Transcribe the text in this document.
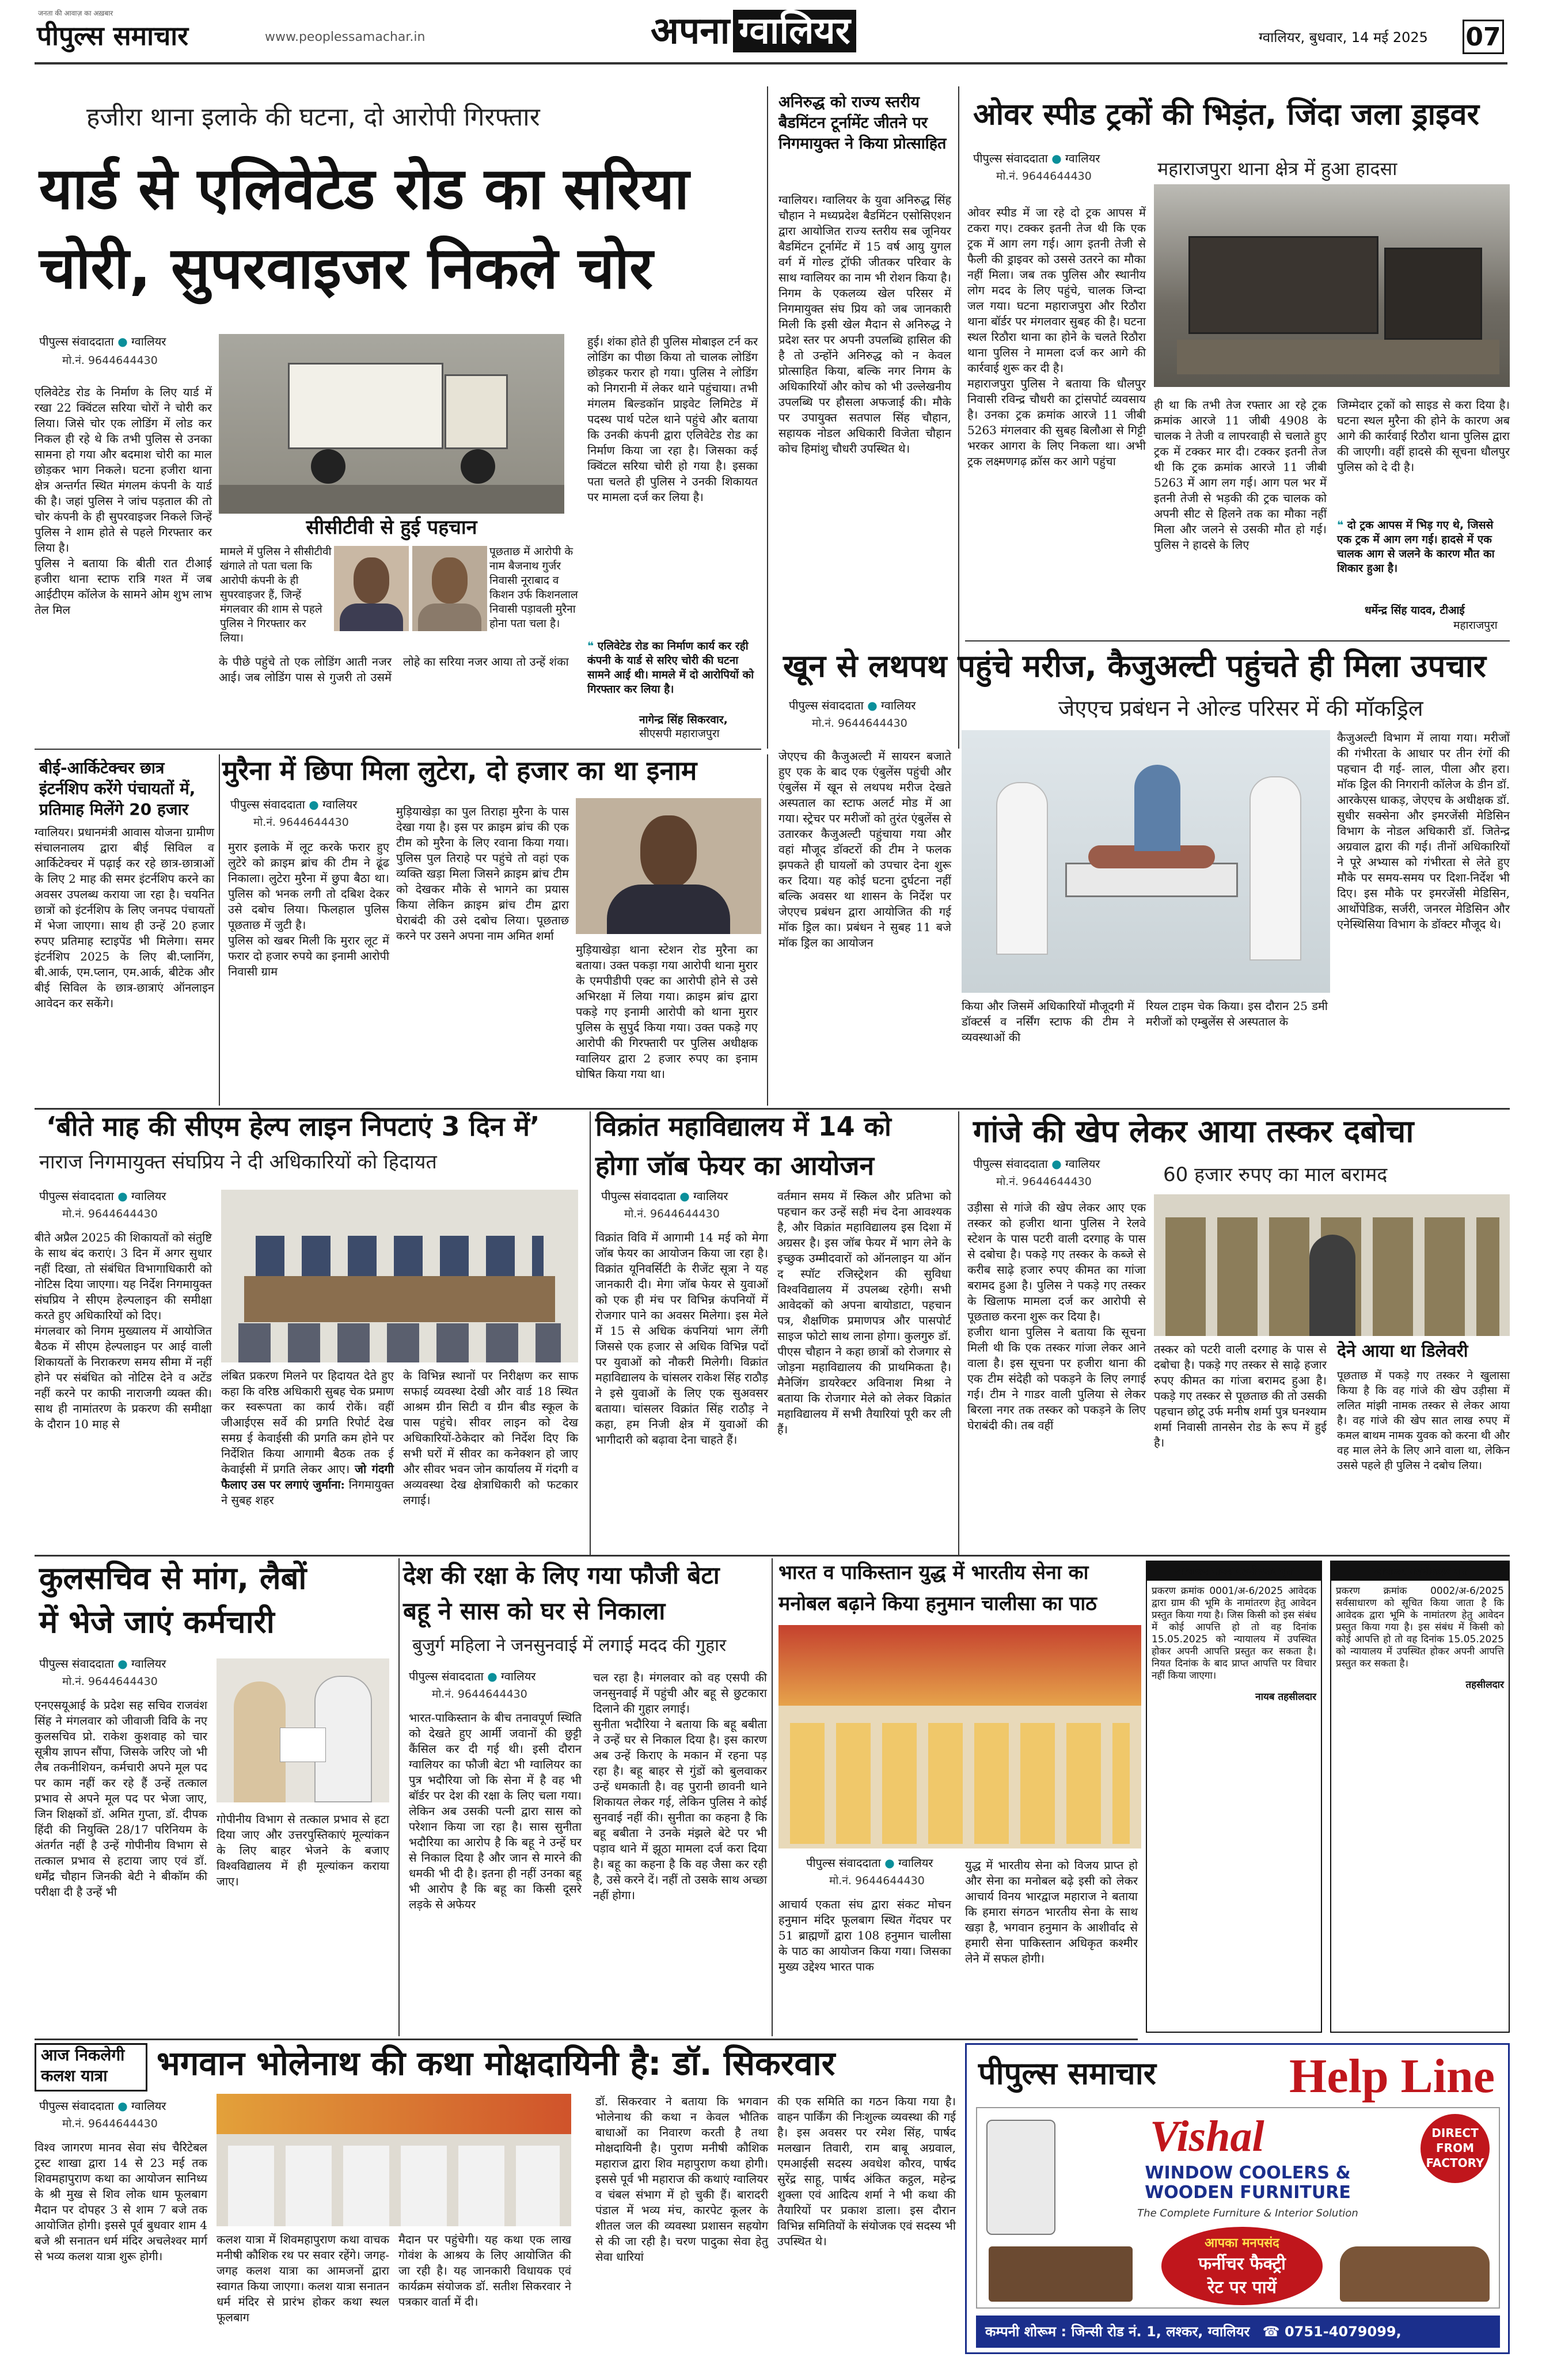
जनता की आवाज़ का अख़बार
पीपुल्स समाचार	www.peoplessamachar.in	अपना ग्वालियर	ग्वालियर, बुधवार, 14 मई 2025 07
हजीरा थाना इलाके की घटना, दो आरोपी गिरफ्तार
यार्ड से एलिवेटेड रोड का सरिया
चोरी, सुपरवाइजर निकले चोर
पीपुल्स संवाददाता ● ग्वालियर
मो.नं. 9644644430
एलिवेटेड रोड के निर्माण के लिए यार्ड में रखा 22 क्विंटल सरिया चोरों ने चोरी कर लिया। जिसे चोर एक लोडिंग में लोड कर निकल ही रहे थे कि तभी पुलिस से उनका सामना हो गया और बदमाश चोरी का माल छोड़कर भाग निकले। घटना हजीरा थाना क्षेत्र अन्तर्गत स्थित मंगलम कंपनी के यार्ड की है। जहां पुलिस ने जांच पड़ताल की तो चोर कंपनी के ही सुपरवाइजर निकले जिन्हें पुलिस ने शाम होते से पहले गिरफ्तार कर लिया है।
पुलिस ने बताया कि बीती रात टीआई हजीरा थाना स्टाफ रात्रि गश्त में जब आईटीएम कॉलेज के सामने ओम शुभ लाभ तेल मिल
सीसीटीवी से हुई पहचान
मामले में पुलिस ने सीसीटीवी खंगाले तो पता चला कि आरोपी कंपनी के ही सुपरवाइजर हैं, जिन्हें मंगलवार की शाम से पहले पुलिस ने गिरफ्तार कर लिया।
पूछताछ में आरोपी के नाम बैजनाथ गुर्जर निवासी नूराबाद व किशन उर्फ किशनलाल निवासी पड़ावली मुरैना होना पता चला है।
के पीछे पहुंचे तो एक लोडिंग आती नजर आई। जब लोडिंग पास से गुजरी तो उसमें लोहे का सरिया नजर आया तो उन्हें शंका
हुई। शंका होते ही पुलिस मोबाइल टर्न कर लोडिंग का पीछा किया तो चालक लोडिंग छोड़कर फरार हो गया। पुलिस ने लोडिंग को निगरानी में लेकर थाने पहुंचाया। तभी मंगलम बिल्डकॉन प्राइवेट लिमिटेड में पदस्थ पार्थ पटेल थाने पहुंचे और बताया कि उनकी कंपनी द्वारा एलिवेटेड रोड का निर्माण किया जा रहा है। जिसका कई क्विंटल सरिया चोरी हो गया है। इसका पता चलते ही पुलिस ने उनकी शिकायत पर मामला दर्ज कर लिया है।
❝ एलिवेटेड रोड का निर्माण कार्य कर रही कंपनी के यार्ड से सरिए चोरी की घटना सामने आई थी। मामले में दो आरोपियों को गिरफ्तार कर लिया है।
नागेन्द्र सिंह सिकरवार,
सीएसपी महाराजपुरा
अनिरुद्ध को राज्य स्तरीय बैडमिंटन टूर्नामेंट जीतने पर निगमायुक्त ने किया प्रोत्साहित
ग्वालियर। ग्वालियर के युवा अनिरुद्ध सिंह चौहान ने मध्यप्रदेश बैडमिंटन एसोसिएशन द्वारा आयोजित राज्य स्तरीय सब जूनियर बैडमिंटन टूर्नामेंट में 15 वर्ष आयु युगल वर्ग में गोल्ड ट्रॉफी जीतकर परिवार के साथ ग्वालियर का नाम भी रोशन किया है। निगम के एकलव्य खेल परिसर में निगमायुक्त संघ प्रिय को जब जानकारी मिली कि इसी खेल मैदान से अनिरुद्ध ने प्रदेश स्तर पर अपनी उपलब्धि हासिल की है तो उन्होंने अनिरुद्ध को न केवल प्रोत्साहित किया, बल्कि नगर निगम के अधिकारियों और कोच को भी उल्लेखनीय उपलब्धि पर हौसला अफजाई की। मौके पर उपायुक्त सतपाल सिंह चौहान, सहायक नोडल अधिकारी विजेता चौहान कोच हिमांशु चौधरी उपस्थित थे।
ओवर स्पीड ट्रकों की भिड़ंत, जिंदा जला ड्राइवर
पीपुल्स संवाददाता ● ग्वालियर
मो.नं. 9644644430	महाराजपुरा थाना क्षेत्र में हुआ हादसा
ओवर स्पीड में जा रहे दो ट्रक आपस में टकरा गए। टक्कर इतनी तेज थी कि एक ट्रक में आग लग गई। आग इतनी तेजी से फैली की ड्राइवर को उससे उतरने का मौका नहीं मिला। जब तक पुलिस और स्थानीय लोग मदद के लिए पहुंचे, चालक जिन्दा जल गया। घटना महाराजपुरा और रिठौरा थाना बॉर्डर पर मंगलवार सुबह की है। घटना स्थल रिठौरा थाना का होने के चलते रिठौरा थाना पुलिस ने मामला दर्ज कर आगे की कार्रवाई शुरू कर दी है।
महाराजपुरा पुलिस ने बताया कि धौलपुर निवासी रविन्द्र चौधरी का ट्रांसपोर्ट व्यवसाय है। उनका ट्रक क्रमांक आरजे 11 जीबी 5263 मंगलवार की सुबह बिलौआ से गिट्टी भरकर आगरा के लिए निकला था। अभी ट्रक लक्ष्मणगढ़ क्रॉस कर आगे पहुंचा
ही था कि तभी तेज रफ्तार आ रहे ट्रक क्रमांक आरजे 11 जीबी 4908 के चालक ने तेजी व लापरवाही से चलाते हुए ट्रक में टक्कर मार दी। टक्कर इतनी तेज थी कि ट्रक क्रमांक आरजे 11 जीबी 5263 में आग लग गई। आग पल भर में इतनी तेजी से भड़की की ट्रक चालक को अपनी सीट से हिलने तक का मौका नहीं मिला और जलने से उसकी मौत हो गई। पुलिस ने हादसे के लिए
जिम्मेदार ट्रकों को साइड से करा दिया है। घटना स्थल मुरैना की होने के कारण अब आगे की कार्रवाई रिठौरा थाना पुलिस द्वारा की जाएगी। वहीं हादसे की सूचना धौलपुर पुलिस को दे दी है।
❝ दो ट्रक आपस में भिड़ गए थे, जिससे एक ट्रक में आग लग गई। हादसे में एक चालक आग से जलने के कारण मौत का शिकार हुआ है।
धर्मेन्द्र सिंह यादव, टीआई
महाराजपुरा
बीई-आर्किटेक्चर छात्र
इंटर्नशिप करेंगे पंचायतों में,
प्रतिमाह मिलेंगे 20 हजार
ग्वालियर। प्रधानमंत्री आवास योजना ग्रामीण संचालनालय द्वारा बीई सिविल व आर्किटेक्चर में पढ़ाई कर रहे छात्र-छात्राओं के लिए 2 माह की समर इंटर्नशिप करने का अवसर उपलब्ध कराया जा रहा है। चयनित छात्रों को इंटर्नशिप के लिए जनपद पंचायतों में भेजा जाएगा। साथ ही उन्हें 20 हजार रुपए प्रतिमाह स्टाइपेंड भी मिलेगा। समर इंटर्नशिप 2025 के लिए बी.प्लानिंग, बी.आर्क, एम.प्लान, एम.आर्क, बीटेक और बीई सिविल के छात्र-छात्राएं ऑनलाइन आवेदन कर सकेंगे।
मुरैना में छिपा मिला लुटेरा, दो हजार का था इनाम
पीपुल्स संवाददाता ● ग्वालियर
मो.नं. 9644644430
मुरार इलाके में लूट करके फरार हुए लुटेरे को क्राइम ब्रांच की टीम ने ढूंढ निकाला। लुटेरा मुरैना में छुपा बैठा था। पुलिस को भनक लगी तो दबिश देकर उसे दबोच लिया। फिलहाल पुलिस पूछताछ में जुटी है।
पुलिस को खबर मिली कि मुरार लूट में फरार दो हजार रुपये का इनामी आरोपी निवासी ग्राम
मुड़ियाखेड़ा का पुल तिराहा मुरैना के पास देखा गया है। इस पर क्राइम ब्रांच की एक टीम को मुरैना के लिए रवाना किया गया। पुलिस पुल तिराहे पर पहुंचे तो वहां एक व्यक्ति खड़ा मिला जिसने क्राइम ब्रांच टीम को देखकर मौके से भागने का प्रयास किया लेकिन क्राइम ब्रांच टीम द्वारा घेराबंदी की उसे दबोच लिया। पूछताछ करने पर उसने अपना नाम अमित शर्मा
मुड़ियाखेड़ा थाना स्टेशन रोड मुरैना का बताया। उक्त पकड़ा गया आरोपी थाना मुरार के एमपीडीपी एक्ट का आरोपी होने से उसे अभिरक्षा में लिया गया। क्राइम ब्रांच द्वारा पकड़े गए इनामी आरोपी को थाना मुरार पुलिस के सुपुर्द किया गया। उक्त पकड़े गए आरोपी की गिरफ्तारी पर पुलिस अधीक्षक ग्वालियर द्वारा 2 हजार रुपए का इनाम घोषित किया गया था।
खून से लथपथ पहुंचे मरीज, कैजुअल्टी पहुंचते ही मिला उपचार
पीपुल्स संवाददाता ● ग्वालियर
मो.नं. 9644644430
जेएएच प्रबंधन ने ओल्ड परिसर में की मॉकड्रिल
जेएएच की कैजुअल्टी में सायरन बजाते हुए एक के बाद एक एंबुलेंस पहुंची और एंबुलेंस में खून से लथपथ मरीज देखते अस्पताल का स्टाफ अलर्ट मोड में आ गया। स्ट्रेचर पर मरीजों को तुरंत एंबुलेंस से उतारकर कैजुअल्टी पहुंचाया गया और वहां मौजूद डॉक्टरों की टीम ने फलक झपकते ही घायलों को उपचार देना शुरू कर दिया। यह कोई घटना दुर्घटना नहीं बल्कि अवसर था शासन के निर्देश पर जेएएच प्रबंधन द्वारा आयोजित की गई मॉक ड्रिल का। प्रबंधन ने सुबह 11 बजे मॉक ड्रिल का आयोजन
किया और जिसमें अधिकारियों मौजूदगी में डॉक्टर्स व नर्सिंग स्टाफ की टीम ने व्यवस्थाओं की
रियल टाइम चेक किया। इस दौरान 25 डमी मरीजों को एम्बुलेंस से अस्पताल के
कैजुअल्टी विभाग में लाया गया। मरीजों की गंभीरता के आधार पर तीन रंगों की पहचान दी गई- लाल, पीला और हरा। मॉक ड्रिल की निगरानी कॉलेज के डीन डॉ. आरकेएस धाकड़, जेएएच के अधीक्षक डॉ. सुधीर सक्सेना और इमरजेंसी मेडिसिन विभाग के नोडल अधिकारी डॉ. जितेन्द्र अग्रवाल द्वारा की गई। तीनों अधिकारियों ने पूरे अभ्यास को गंभीरता से लेते हुए मौके पर समय-समय पर दिशा-निर्देश भी दिए। इस मौके पर इमरजेंसी मेडिसिन, आर्थोपेडिक, सर्जरी, जनरल मेडिसिन और एनेस्थिसिया विभाग के डॉक्टर मौजूद थे।
‘बीते माह की सीएम हेल्प लाइन निपटाएं 3 दिन में’
नाराज निगमायुक्त संघप्रिय ने दी अधिकारियों को हिदायत
पीपुल्स संवाददाता ● ग्वालियर
मो.नं. 9644644430
बीते अप्रैल 2025 की शिकायतों को संतुष्टि के साथ बंद कराएं। 3 दिन में अगर सुधार नहीं दिखा, तो संबंधित विभागाधिकारी को नोटिस दिया जाएगा। यह निर्देश निगमायुक्त संघप्रिय ने सीएम हेल्पलाइन की समीक्षा करते हुए अधिकारियों को दिए।
मंगलवार को निगम मुख्यालय में आयोजित बैठक में सीएम हेल्पलाइन पर आई वाली शिकायतों के निराकरण समय सीमा में नहीं होने पर संबंधित को नोटिस देने व अटेंड नहीं करने पर काफी नाराजगी व्यक्त की। साथ ही नामांतरण के प्रकरण की समीक्षा के दौरान 10 माह से
लंबित प्रकरण मिलने पर हिदायत देते हुए कहा कि वरिष्ठ अधिकारी सुबह चेक प्रमाण कर स्वरूपता का कार्य रोकें। वहीं जीआईएस सर्वे की प्रगति रिपोर्ट देख समग्र ई केवाईसी की प्रगति कम होने पर निर्देशित किया आगामी बैठक तक ई केवाईसी में प्रगति लेकर आए। जो गंदगी फैलाए उस पर लगाएं जुर्माना: निगमायुक्त ने सुबह शहर
के विभिन्न स्थानों पर निरीक्षण कर साफ सफाई व्यवस्था देखी और वार्ड 18 स्थित आश्रम ग्रीन सिटी व ग्रीन बीड स्कूल के पास पहुंचे। सीवर लाइन को देख अधिकारियों-ठेकेदार को निर्देश दिए कि सभी घरों में सीवर का कनेक्शन हो जाए और सीवर भवन जोन कार्यालय में गंदगी व अव्यवस्था देख क्षेत्राधिकारी को फटकार लगाई।
विक्रांत महाविद्यालय में 14 को
होगा जॉब फेयर का आयोजन
पीपुल्स संवाददाता ● ग्वालियर
मो.नं. 9644644430
विक्रांत विवि में आगामी 14 मई को मेगा जॉब फेयर का आयोजन किया जा रहा है। विक्रांत यूनिवर्सिटी के रीजेंट सूत्रा ने यह जानकारी दी। मेगा जॉब फेयर से युवाओं को एक ही मंच पर विभिन्न कंपनियों में रोजगार पाने का अवसर मिलेगा। इस मेले में 15 से अधिक कंपनियां भाग लेंगी जिससे एक हजार से अधिक विभिन्न पदों पर युवाओं को नौकरी मिलेगी। विक्रांत महाविद्यालय के चांसलर राकेश सिंह राठौड़ ने इसे युवाओं के लिए एक सुअवसर बताया। चांसलर विक्रांत सिंह राठौड़ ने कहा, हम निजी क्षेत्र में युवाओं की भागीदारी को बढ़ावा देना चाहते हैं।
वर्तमान समय में स्किल और प्रतिभा को पहचान कर उन्हें सही मंच देना आवश्यक है, और विक्रांत महाविद्यालय इस दिशा में अग्रसर है। इस जॉब फेयर में भाग लेने के इच्छुक उम्मीदवारों को ऑनलाइन या ऑन द स्पॉट रजिस्ट्रेशन की सुविधा विश्वविद्यालय में उपलब्ध रहेगी। सभी आवेदकों को अपना बायोडाटा, पहचान पत्र, शैक्षणिक प्रमाणपत्र और पासपोर्ट साइज फोटो साथ लाना होगा। कुलगुरु डॉ. पीएस चौहान ने कहा छात्रों को रोजगार से जोड़ना महाविद्यालय की प्राथमिकता है। मैनेजिंग डायरेक्टर अविनाश मिश्रा ने बताया कि रोजगार मेले को लेकर विक्रांत महाविद्यालय में सभी तैयारियां पूरी कर ली हैं।
गांजे की खेप लेकर आया तस्कर दबोचा
पीपुल्स संवाददाता ● ग्वालियर
मो.नं. 9644644430	60 हजार रुपए का माल बरामद
उड़ीसा से गांजे की खेप लेकर आए एक तस्कर को हजीरा थाना पुलिस ने रेलवे स्टेशन के पास पटरी वाली दरगाह के पास से दबोचा है। पकड़े गए तस्कर के कब्जे से करीब साढ़े हजार रुपए कीमत का गांजा बरामद हुआ है। पुलिस ने पकड़े गए तस्कर के खिलाफ मामला दर्ज कर आरोपी से पूछताछ करना शुरू कर दिया है।
हजीरा थाना पुलिस ने बताया कि सूचना मिली थी कि एक तस्कर गांजा लेकर आने वाला है। इस सूचना पर हजीरा थाना की एक टीम संदेही को पकड़ने के लिए लगाई गई। टीम ने गाडर वाली पुलिया से लेकर बिरला नगर तक तस्कर को पकड़ने के लिए घेराबंदी की। तब वहीं
तस्कर को पटरी वाली दरगाह के पास से दबोचा है। पकड़े गए तस्कर से साढ़े हजार रुपए कीमत का गांजा बरामद हुआ है। पकड़े गए तस्कर से पूछताछ की तो उसकी पहचान छोटू उर्फ मनीष शर्मा पुत्र घनश्याम शर्मा निवासी तानसेन रोड के रूप में हुई है।
देने आया था डिलेवरी
पूछताछ में पकड़े गए तस्कर ने खुलासा किया है कि वह गांजे की खेप उड़ीसा में ललित मांझी नामक तस्कर से लेकर आया है। वह गांजे की खेप सात लाख रुपए में कमल बाथम नामक युवक को करना थी और वह माल लेने के लिए आने वाला था, लेकिन उससे पहले ही पुलिस ने दबोच लिया।
कुलसचिव से मांग, लैबों
में भेजे जाएं कर्मचारी
पीपुल्स संवाददाता ● ग्वालियर
मो.नं. 9644644430
एनएसयूआई के प्रदेश सह सचिव राजवंश सिंह ने मंगलवार को जीवाजी विवि के नए कुलसचिव प्रो. राकेश कुशवाह को चार सूत्रीय ज्ञापन सौंपा, जिसके जरिए जो भी लैब तकनीशियन, कर्मचारी अपने मूल पद पर काम नहीं कर रहे हैं उन्हें तत्काल प्रभाव से अपने मूल पद पर भेजा जाए, जिन शिक्षकों डॉ. अमित गुप्ता, डॉ. दीपक हिंदी की नियुक्ति 28/17 परिनियम के अंतर्गत नहीं है उन्हें गोपीनीय विभाग से तत्काल प्रभाव से हटाया जाए एवं डॉ. धर्मेंद्र चौहान जिनकी बेटी ने बीकॉम की परीक्षा दी है उन्हें भी
गोपीनीय विभाग से तत्काल प्रभाव से हटा दिया जाए और उत्तरपुस्तिकाएं मूल्यांकन के लिए बाहर भेजने के बजाए विश्वविद्यालय में ही मूल्यांकन कराया जाए।
देश की रक्षा के लिए गया फौजी बेटा
बहू ने सास को घर से निकाला
बुजुर्ग महिला ने जनसुनवाई में लगाई मदद की गुहार
पीपुल्स संवाददाता ● ग्वालियर
मो.नं. 9644644430
भारत-पाकिस्तान के बीच तनावपूर्ण स्थिति को देखते हुए आर्मी जवानों की छुट्टी कैंसिल कर दी गई थी। इसी दौरान ग्वालियर का फौजी बेटा भी ग्वालियर का पुत्र भदौरिया जो कि सेना में है वह भी बॉर्डर पर देश की रक्षा के लिए चला गया। लेकिन अब उसकी पत्नी द्वारा सास को परेशान किया जा रहा है। सास सुनीता भदौरिया का आरोप है कि बहू ने उन्हें घर से निकाल दिया है और जान से मारने की धमकी भी दी है। इतना ही नहीं उनका बहू भी आरोप है कि बहू का किसी दूसरे लड़के से अफेयर
चल रहा है। मंगलवार को वह एसपी की जनसुनवाई में पहुंची और बहू से छुटकारा दिलाने की गुहार लगाई।
सुनीता भदौरिया ने बताया कि बहू बबीता ने उन्हें घर से निकाल दिया है। इस कारण अब उन्हें किराए के मकान में रहना पड़ रहा है। बहू बाहर से गुंडों को बुलवाकर उन्हें धमकाती है। वह पुरानी छावनी थाने शिकायत लेकर गई, लेकिन पुलिस ने कोई सुनवाई नहीं की। सुनीता का कहना है कि बहू बबीता ने उनके मंझले बेटे पर भी पड़ाव थाने में झूठा मामला दर्ज करा दिया है। बहू का कहना है कि वह जैसा कर रही है, उसे करने दें। नहीं तो उसके साथ अच्छा नहीं होगा।
भारत व पाकिस्तान युद्ध में भारतीय सेना का
मनोबल बढ़ाने किया हनुमान चालीसा का पाठ
पीपुल्स संवाददाता ● ग्वालियर
मो.नं. 9644644430
आचार्य एकता संघ द्वारा संकट मोचन हनुमान मंदिर फूलबाग स्थित गेंदघर पर 51 ब्राह्मणों द्वारा 108 हनुमान चालीसा के पाठ का आयोजन किया गया। जिसका मुख्य उद्देश्य भारत पाक
युद्ध में भारतीय सेना को विजय प्राप्त हो और सेना का मनोबल बढ़े इसी को लेकर आचार्य विनय भारद्वाज महाराज ने बताया कि हमारा संगठन भारतीय सेना के साथ खड़ा है, भगवान हनुमान के आशीर्वाद से हमारी सेना पाकिस्तान अधिकृत कश्मीर लेने में सफल होगी।
न्यायालय नायब तहसीलदार वृत्त
प्रकरण क्रमांक 0001/अ-6/2025 आवेदक द्वारा ग्राम की भूमि के नामांतरण हेतु आवेदन प्रस्तुत किया गया है। जिस किसी को इस संबंध में कोई आपत्ति हो तो वह दिनांक 15.05.2025 को न्यायालय में उपस्थित होकर अपनी आपत्ति प्रस्तुत कर सकता है। नियत दिनांक के बाद प्राप्त आपत्ति पर विचार नहीं किया जाएगा।
नायब तहसीलदार
न्यायालय तहसीलदार वृत्त
प्रकरण क्रमांक 0002/अ-6/2025 सर्वसाधारण को सूचित किया जाता है कि आवेदक द्वारा भूमि के नामांतरण हेतु आवेदन प्रस्तुत किया गया है। इस संबंध में किसी को कोई आपत्ति हो तो वह दिनांक 15.05.2025 को न्यायालय में उपस्थित होकर अपनी आपत्ति प्रस्तुत कर सकता है।
तहसीलदार
आज निकलेगी
कलश यात्रा	भगवान भोलेनाथ की कथा मोक्षदायिनी है: डॉ. सिकरवार
पीपुल्स संवाददाता ● ग्वालियर
मो.नं. 9644644430
विश्व जागरण मानव सेवा संघ चैरिटेबल ट्रस्ट शाखा द्वारा 14 से 23 मई तक शिवमहापुराण कथा का आयोजन सानिध्य के श्री मुख से शिव लोक धाम फूलबाग मैदान पर दोपहर 3 से शाम 7 बजे तक आयोजित होगी। इससे पूर्व बुधवार शाम 4 बजे श्री सनातन धर्म मंदिर अचलेश्वर मार्ग से भव्य कलश यात्रा शुरू होगी।
कलश यात्रा में शिवमहापुराण कथा वाचक मनीषी कौशिक रथ पर सवार रहेंगे। जगह-जगह कलश यात्रा का आमजनों द्वारा स्वागत किया जाएगा। कलश यात्रा सनातन धर्म मंदिर से प्रारंभ होकर कथा स्थल फूलबाग
मैदान पर पहुंचेगी। यह कथा एक लाख गोवंश के आश्रय के लिए आयोजित की जा रही है। यह जानकारी विधायक एवं कार्यक्रम संयोजक डॉ. सतीश सिकरवार ने पत्रकार वार्ता में दी।
डॉ. सिकरवार ने बताया कि भगवान भोलेनाथ की कथा न केवल भौतिक बाधाओं का निवारण करती है तथा मोक्षदायिनी है। पुराण मनीषी कौशिक महाराज द्वारा शिव महापुराण कथा होगी। इससे पूर्व भी महाराज की कथाएं ग्वालियर व चंबल संभाग में हो चुकी हैं। बारादरी पंडाल में भव्य मंच, कारपेट कूलर के शीतल जल की व्यवस्था प्रशासन सहयोग से की जा रही है। चरण पादुका सेवा हेतु सेवा धारियां
की एक समिति का गठन किया गया है। वाहन पार्किंग की निःशुल्क व्यवस्था की गई है। इस अवसर पर रमेश सिंह, पार्षद मलखान तिवारी, राम बाबू अग्रवाल, एमआईसी सदस्य अवधेश कौरव, पार्षद सुरेंद्र साहू, पार्षद अंकित कट्ठल, महेन्द्र शुक्ला एवं आदित्य शर्मा ने भी कथा की तैयारियों पर प्रकाश डाला। इस दौरान विभिन्न समितियों के संयोजक एवं सदस्य भी उपस्थित थे।
पीपुल्स समाचार	Help Line
Vishal
WINDOW COOLERS & WOODEN FURNITURE
The Complete Furniture & Interior Solution
DIRECT FROM FACTORY
आपका मनपसंद
फर्नीचर फैक्ट्री
रेट पर पायें
कम्पनी शोरूम : जिन्सी रोड नं. 1, लश्कर, ग्वालियर ☎ 0751-4079099, 6269676261
